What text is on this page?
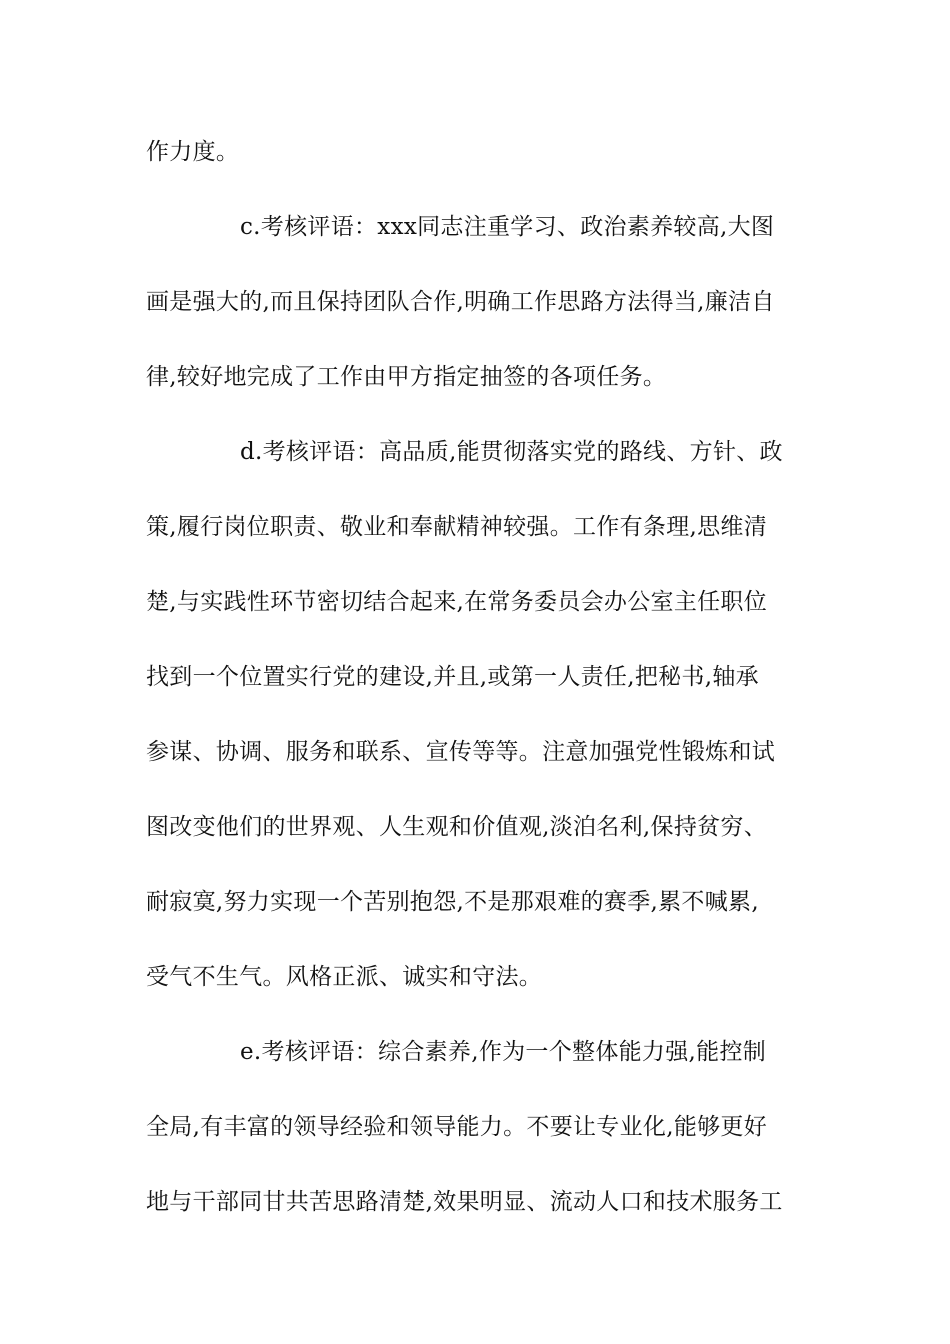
作力度。
c.考核评语：xxx同志注重学习、政治素养较高,大图
画是强大的,而且保持团队合作,明确工作思路方法得当,廉洁自
律,较好地完成了工作由甲方指定抽签的各项任务。
d.考核评语：高品质,能贯彻落实党的路线、方针、政
策,履行岗位职责、敬业和奉献精神较强。工作有条理,思维清
楚,与实践性环节密切结合起来,在常务委员会办公室主任职位
找到一个位置实行党的建设,并且,或第一人责任,把秘书,轴承
参谋、协调、服务和联系、宣传等等。注意加强党性锻炼和试
图改变他们的世界观、人生观和价值观,淡泊名利,保持贫穷、
耐寂寞,努力实现一个苦别抱怨,不是那艰难的赛季,累不喊累,
受气不生气。风格正派、诚实和守法。
e.考核评语：综合素养,作为一个整体能力强,能控制
全局,有丰富的领导经验和领导能力。不要让专业化,能够更好
地与干部同甘共苦思路清楚,效果明显、流动人口和技术服务工
